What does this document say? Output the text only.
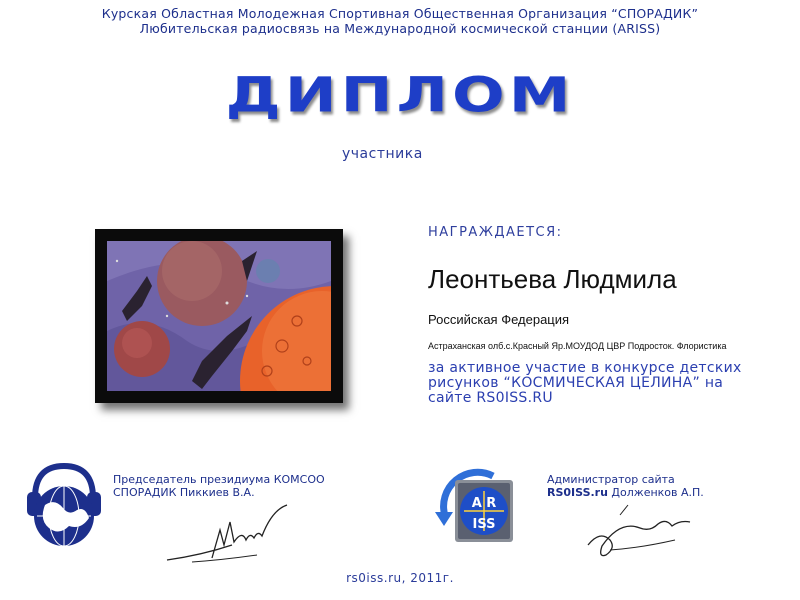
Курская Областная Молодежная Спортивная Общественная Организация “СПОРАДИК”
Любительская радиосвязь на Международной космической станции (ARISS)
ДИПЛОМ
участника
НАГРАЖДАЕТСЯ:
Леонтьева Людмила
Российская Федерация
Астраханская олб.с.Красный Яр.МОУДОД ЦВР Подросток. Флористика
за активное участие в конкурсе детских рисунков “КОСМИЧЕСКАЯ ЦЕЛИНА” на сайте RS0ISS.RU
Председатель президиума КОМСОО
СПОРАДИК Пиккиев В.А.
A R
ISS
Администратор сайта
RS0ISS.ru Долженков А.П.
rs0iss.ru, 2011г.
